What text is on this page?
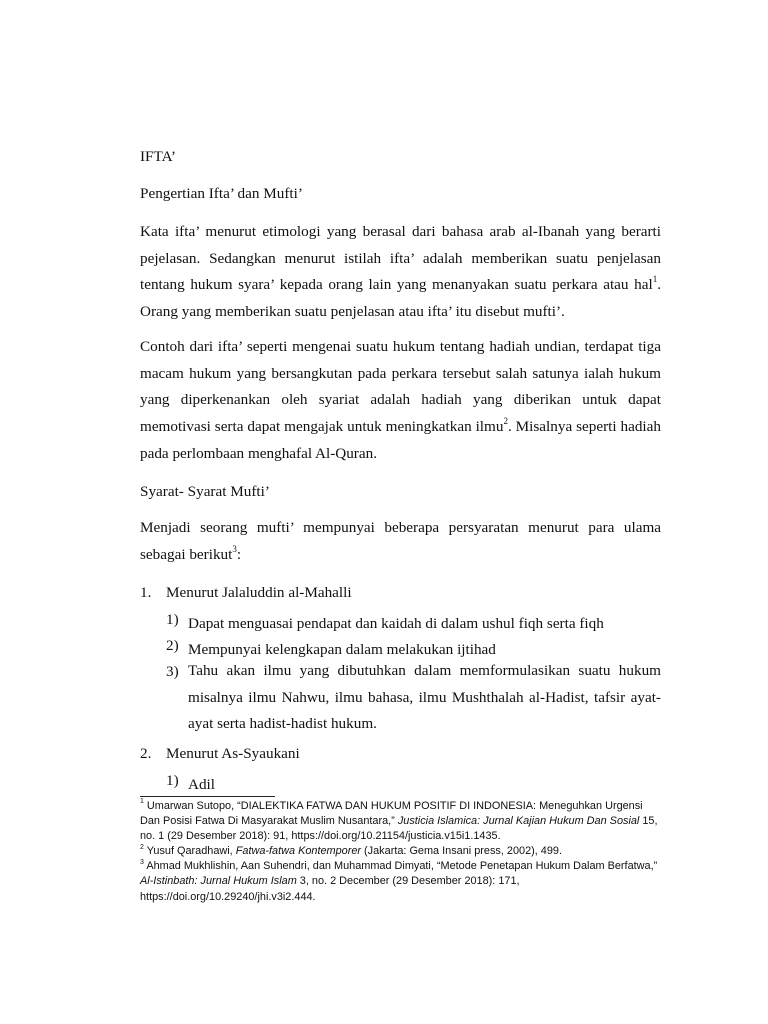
IFTA’
Pengertian Ifta’ dan Mufti’
Kata ifta’ menurut etimologi yang berasal dari bahasa arab al-Ibanah yang berarti pejelasan. Sedangkan menurut istilah ifta’ adalah memberikan suatu penjelasan tentang hukum syara’ kepada orang lain yang menanyakan suatu perkara atau hal$^1$. Orang yang memberikan suatu penjelasan atau ifta’ itu disebut mufti’.
Contoh dari ifta’ seperti mengenai suatu hukum tentang hadiah undian, terdapat tiga macam hukum yang bersangkutan pada perkara tersebut salah satunya ialah hukum yang diperkenankan oleh syariat adalah hadiah yang diberikan untuk dapat memotivasi serta dapat mengajak untuk meningkatkan ilmu$^2$. Misalnya seperti hadiah pada perlombaan menghafal Al-Quran.
Syarat- Syarat Mufti’
Menjadi seorang mufti’ mempunyai beberapa persyaratan menurut para ulama sebagai berikut$^3$:
1. Menurut Jalaluddin al-Mahalli
1) Dapat menguasai pendapat dan kaidah di dalam ushul fiqh serta fiqh
2) Mempunyai kelengkapan dalam melakukan ijtihad
3) Tahu akan ilmu yang dibutuhkan dalam memformulasikan suatu hukum misalnya ilmu Nahwu, ilmu bahasa, ilmu Mushthalah al-Hadist, tafsir ayat-ayat serta hadist-hadist hukum.
2. Menurut As-Syaukani
1) Adil
$^1$ Umarwan Sutopo, “DIALEKTIKA FATWA DAN HUKUM POSITIF DI INDONESIA: Meneguhkan Urgensi Dan Posisi Fatwa Di Masyarakat Muslim Nusantara,” Justicia Islamica: Jurnal Kajian Hukum Dan Sosial 15, no. 1 (29 Desember 2018): 91, https://doi.org/10.21154/justicia.v15i1.1435.
$^2$ Yusuf Qaradhawi, Fatwa-fatwa Kontemporer (Jakarta: Gema Insani press, 2002), 499.
$^3$ Ahmad Mukhlishin, Aan Suhendri, dan Muhammad Dimyati, “Metode Penetapan Hukum Dalam Berfatwa,” Al-Istinbath: Jurnal Hukum Islam 3, no. 2 December (29 Desember 2018): 171, https://doi.org/10.29240/jhi.v3i2.444.
